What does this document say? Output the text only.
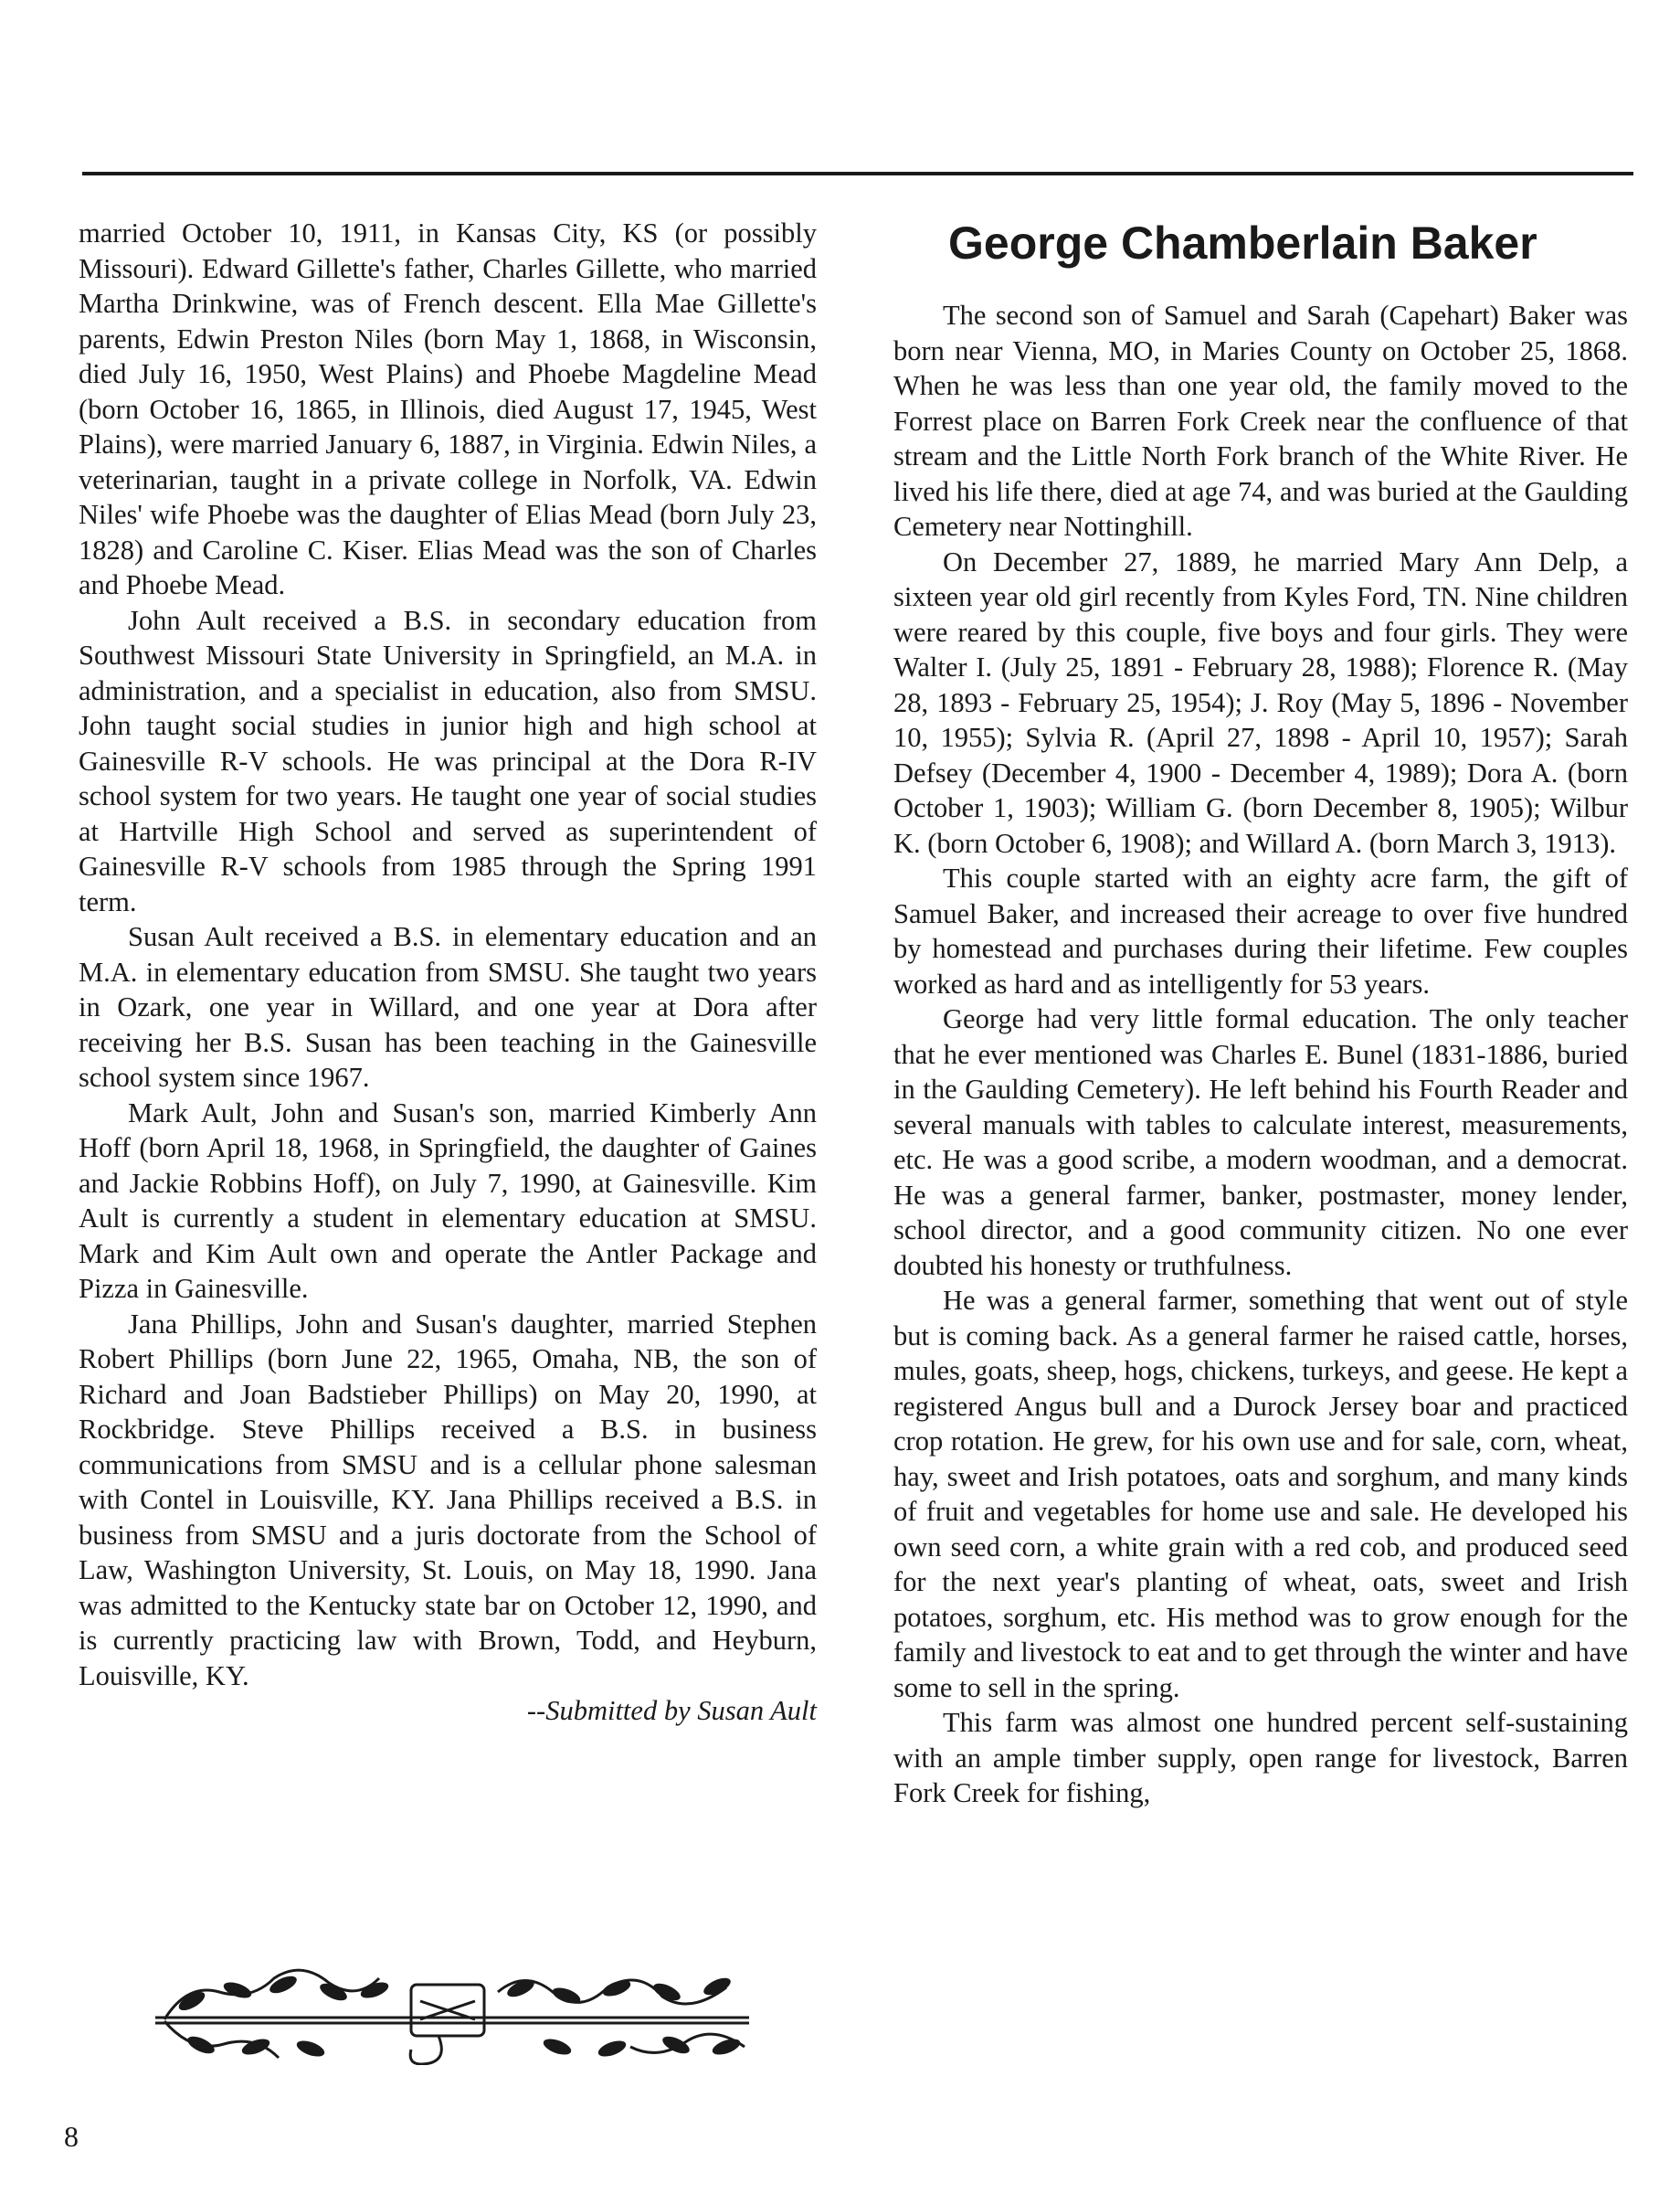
married October 10, 1911, in Kansas City, KS (or possibly Missouri). Edward Gillette's father, Charles Gillette, who married Martha Drinkwine, was of French descent. Ella Mae Gillette's parents, Edwin Preston Niles (born May 1, 1868, in Wisconsin, died July 16, 1950, West Plains) and Phoebe Magdeline Mead (born October 16, 1865, in Illinois, died August 17, 1945, West Plains), were married January 6, 1887, in Virginia. Edwin Niles, a veterinarian, taught in a private college in Norfolk, VA. Edwin Niles' wife Phoebe was the daughter of Elias Mead (born July 23, 1828) and Caroline C. Kiser. Elias Mead was the son of Charles and Phoebe Mead.

John Ault received a B.S. in secondary education from Southwest Missouri State University in Springfield, an M.A. in administration, and a specialist in education, also from SMSU. John taught social studies in junior high and high school at Gainesville R-V schools. He was principal at the Dora R-IV school system for two years. He taught one year of social studies at Hartville High School and served as superintendent of Gainesville R-V schools from 1985 through the Spring 1991 term.

Susan Ault received a B.S. in elementary education and an M.A. in elementary education from SMSU. She taught two years in Ozark, one year in Willard, and one year at Dora after receiving her B.S. Susan has been teaching in the Gainesville school system since 1967.

Mark Ault, John and Susan's son, married Kimberly Ann Hoff (born April 18, 1968, in Springfield, the daughter of Gaines and Jackie Robbins Hoff), on July 7, 1990, at Gainesville. Kim Ault is currently a student in elementary education at SMSU. Mark and Kim Ault own and operate the Antler Package and Pizza in Gainesville.

Jana Phillips, John and Susan's daughter, married Stephen Robert Phillips (born June 22, 1965, Omaha, NB, the son of Richard and Joan Badstieber Phillips) on May 20, 1990, at Rockbridge. Steve Phillips received a B.S. in business communications from SMSU and is a cellular phone salesman with Contel in Louisville, KY. Jana Phillips received a B.S. in business from SMSU and a juris doctorate from the School of Law, Washington University, St. Louis, on May 18, 1990. Jana was admitted to the Kentucky state bar on October 12, 1990, and is currently practicing law with Brown, Todd, and Heyburn, Louisville, KY.

--Submitted by Susan Ault

George Chamberlain Baker

The second son of Samuel and Sarah (Capehart) Baker was born near Vienna, MO, in Maries County on October 25, 1868. When he was less than one year old, the family moved to the Forrest place on Barren Fork Creek near the confluence of that stream and the Little North Fork branch of the White River. He lived his life there, died at age 74, and was buried at the Gaulding Cemetery near Nottinghill.

On December 27, 1889, he married Mary Ann Delp, a sixteen year old girl recently from Kyles Ford, TN. Nine children were reared by this couple, five boys and four girls. They were Walter I. (July 25, 1891 - February 28, 1988); Florence R. (May 28, 1893 - February 25, 1954); J. Roy (May 5, 1896 - November 10, 1955); Sylvia R. (April 27, 1898 - April 10, 1957); Sarah Defsey (December 4, 1900 - December 4, 1989); Dora A. (born October 1, 1903); William G. (born December 8, 1905); Wilbur K. (born October 6, 1908); and Willard A. (born March 3, 1913).

This couple started with an eighty acre farm, the gift of Samuel Baker, and increased their acreage to over five hundred by homestead and purchases during their lifetime. Few couples worked as hard and as intelligently for 53 years.

George had very little formal education. The only teacher that he ever mentioned was Charles E. Bunel (1831-1886, buried in the Gaulding Cemetery). He left behind his Fourth Reader and several manuals with tables to calculate interest, measurements, etc. He was a good scribe, a modern woodman, and a democrat. He was a general farmer, banker, postmaster, money lender, school director, and a good community citizen. No one ever doubted his honesty or truthfulness.

He was a general farmer, something that went out of style but is coming back. As a general farmer he raised cattle, horses, mules, goats, sheep, hogs, chickens, turkeys, and geese. He kept a registered Angus bull and a Durock Jersey boar and practiced crop rotation. He grew, for his own use and for sale, corn, wheat, hay, sweet and Irish potatoes, oats and sorghum, and many kinds of fruit and vegetables for home use and sale. He developed his own seed corn, a white grain with a red cob, and produced seed for the next year's planting of wheat, oats, sweet and Irish potatoes, sorghum, etc. His method was to grow enough for the family and livestock to eat and to get through the winter and have some to sell in the spring.

This farm was almost one hundred percent self-sustaining with an ample timber supply, open range for livestock, Barren Fork Creek for fishing,

8
